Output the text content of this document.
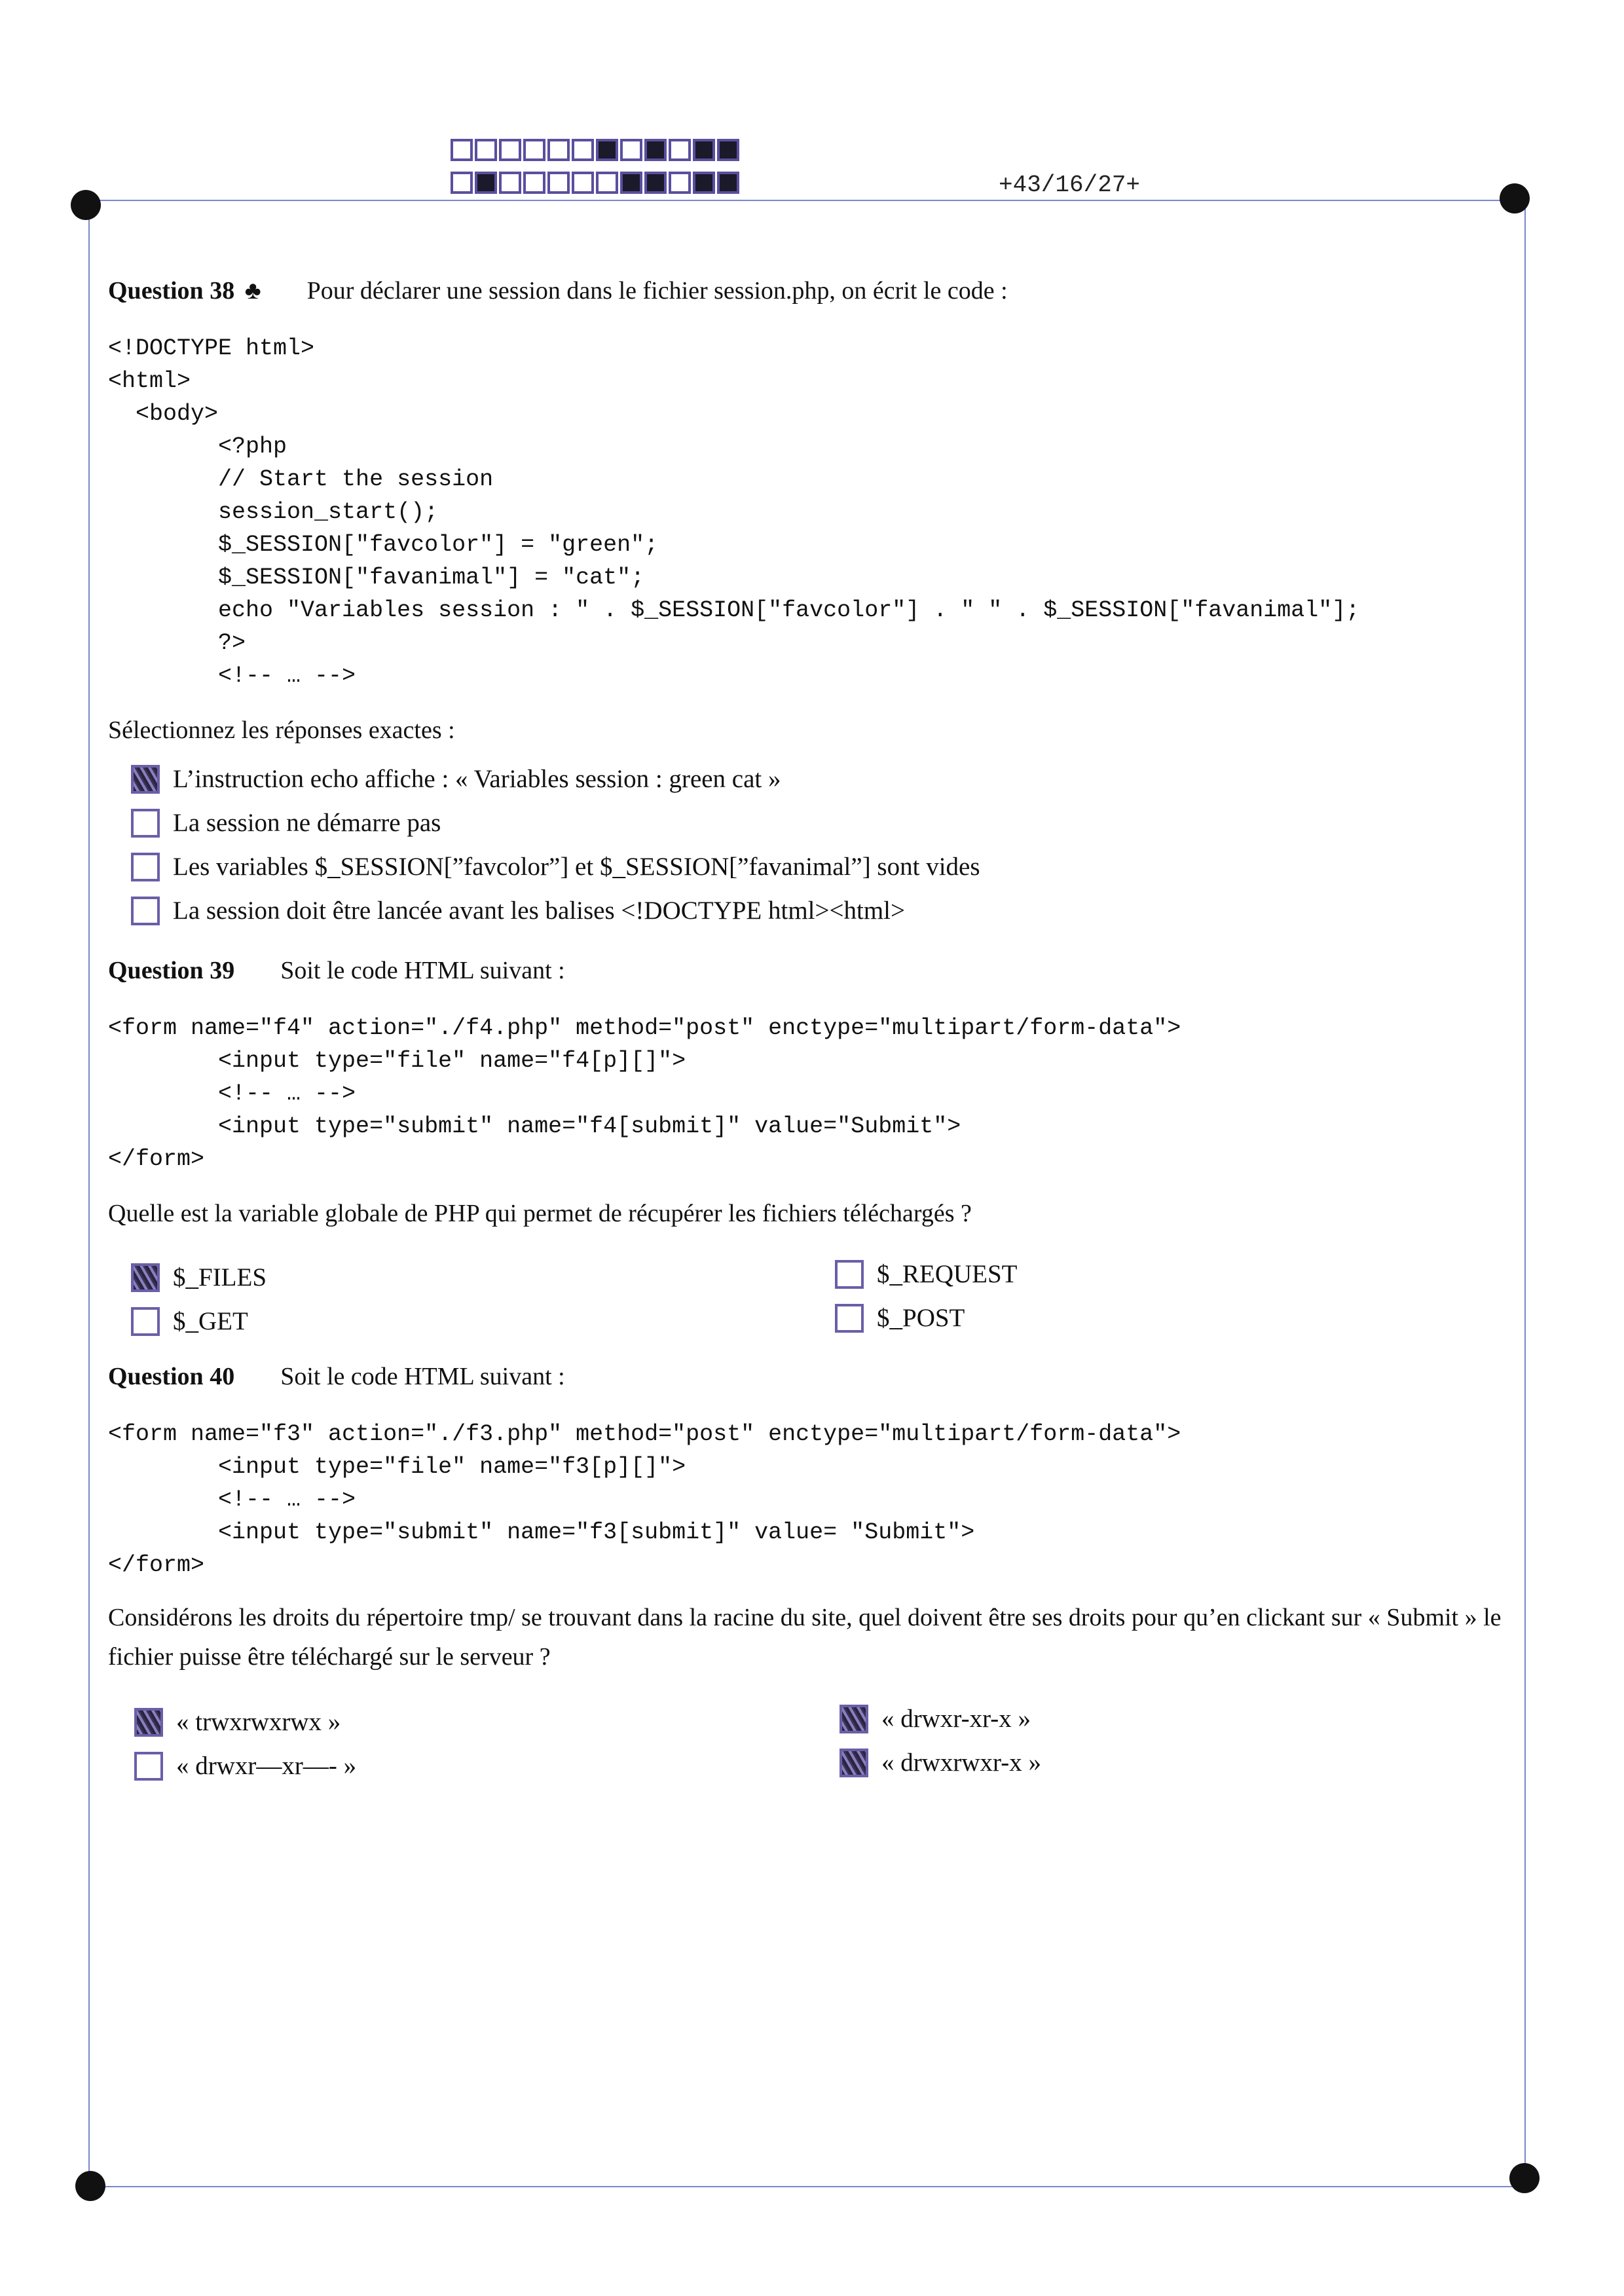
+43/16/27+
Question 38 ♣ Pour déclarer une session dans le fichier session.php, on écrit le code :
<!DOCTYPE html>
<html>
<body>
<?php
// Start the session
session_start();
$_SESSION["favcolor"] = "green";
$_SESSION["favanimal"] = "cat";
echo "Variables session : " . $_SESSION["favcolor"] . " " . $_SESSION["favanimal"];
?>
<!-- … -->
Sélectionnez les réponses exactes :
L’instruction echo affiche : « Variables session : green cat »
La session ne démarre pas
Les variables $_SESSION[”favcolor”] et $_SESSION[”favanimal”] sont vides
La session doit être lancée avant les balises <!DOCTYPE html><html>
Question 39 Soit le code HTML suivant :
<form name="f4" action="./f4.php" method="post" enctype="multipart/form-data">
<input type="file" name="f4[p][]">
<!-- … -->
<input type="submit" name="f4[submit]" value="Submit">
</form>
Quelle est la variable globale de PHP qui permet de récupérer les fichiers téléchargés ?
$_FILES
$_GET
$_REQUEST
$_POST
Question 40 Soit le code HTML suivant :
<form name="f3" action="./f3.php" method="post" enctype="multipart/form-data">
<input type="file" name="f3[p][]">
<!-- … -->
<input type="submit" name="f3[submit]" value= "Submit">
</form>
Considérons les droits du répertoire tmp/ se trouvant dans la racine du site, quel doivent être ses droits pour qu’en clickant sur « Submit » le fichier puisse être téléchargé sur le serveur ?
« trwxrwxrwx »
« drwxr—xr—- »
« drwxr-xr-x »
« drwxrwxr-x »
